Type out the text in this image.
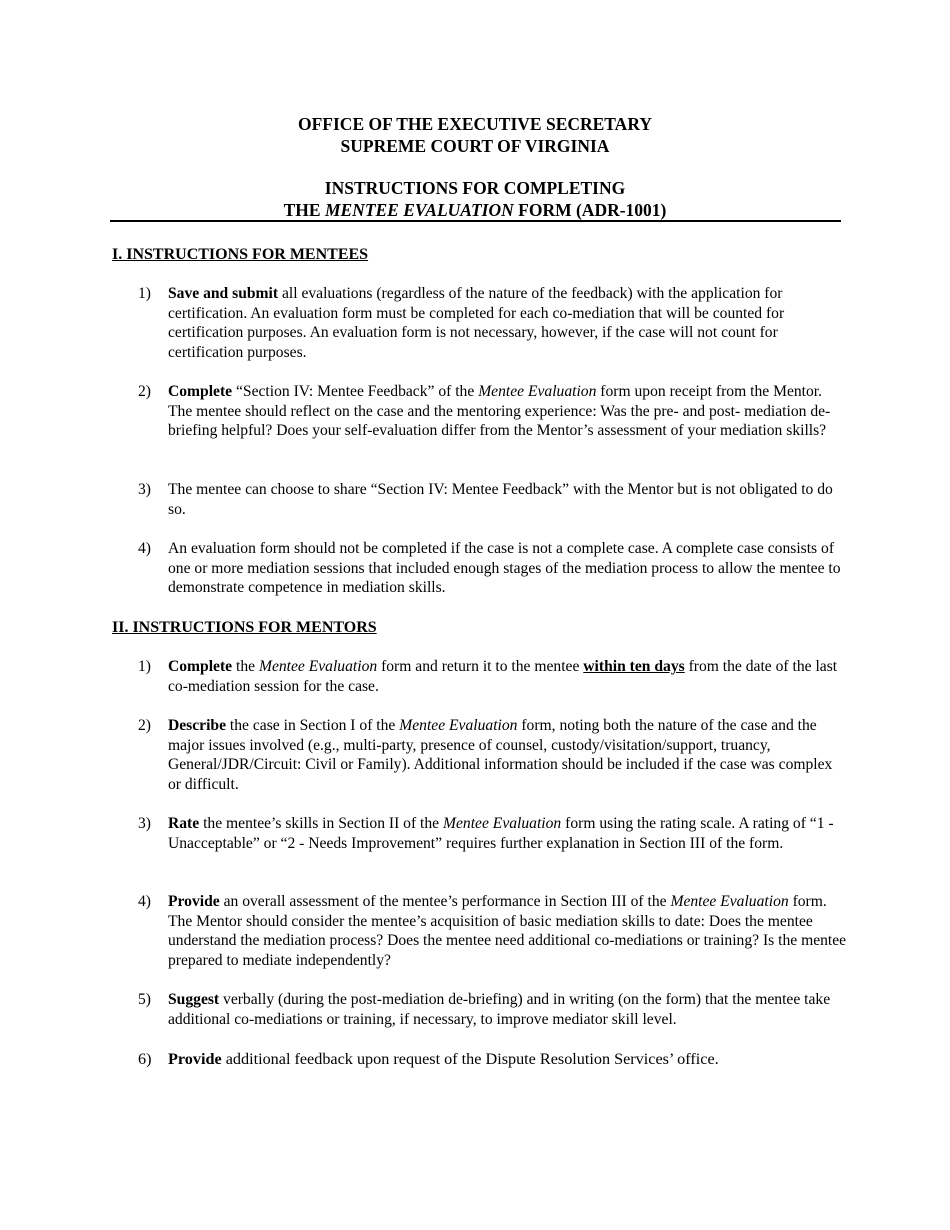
OFFICE OF THE EXECUTIVE SECRETARY
SUPREME COURT OF VIRGINIA
INSTRUCTIONS FOR COMPLETING
THE MENTEE EVALUATION FORM (ADR-1001)
I. INSTRUCTIONS FOR MENTEES
1) Save and submit all evaluations (regardless of the nature of the feedback) with the application for certification. An evaluation form must be completed for each co-mediation that will be counted for certification purposes. An evaluation form is not necessary, however, if the case will not count for certification purposes.
2) Complete “Section IV: Mentee Feedback” of the Mentee Evaluation form upon receipt from the Mentor. The mentee should reflect on the case and the mentoring experience: Was the pre- and post- mediation de-briefing helpful? Does your self-evaluation differ from the Mentor’s assessment of your mediation skills?
3) The mentee can choose to share “Section IV: Mentee Feedback” with the Mentor but is not obligated to do so.
4) An evaluation form should not be completed if the case is not a complete case. A complete case consists of one or more mediation sessions that included enough stages of the mediation process to allow the mentee to demonstrate competence in mediation skills.
II. INSTRUCTIONS FOR MENTORS
1) Complete the Mentee Evaluation form and return it to the mentee within ten days from the date of the last co-mediation session for the case.
2) Describe the case in Section I of the Mentee Evaluation form, noting both the nature of the case and the major issues involved (e.g., multi-party, presence of counsel, custody/visitation/support, truancy, General/JDR/Circuit: Civil or Family). Additional information should be included if the case was complex or difficult.
3) Rate the mentee’s skills in Section II of the Mentee Evaluation form using the rating scale. A rating of “1 - Unacceptable” or “2 - Needs Improvement” requires further explanation in Section III of the form.
4) Provide an overall assessment of the mentee’s performance in Section III of the Mentee Evaluation form. The Mentor should consider the mentee’s acquisition of basic mediation skills to date: Does the mentee understand the mediation process? Does the mentee need additional co-mediations or training? Is the mentee prepared to mediate independently?
5) Suggest verbally (during the post-mediation de-briefing) and in writing (on the form) that the mentee take additional co-mediations or training, if necessary, to improve mediator skill level.
6) Provide additional feedback upon request of the Dispute Resolution Services’ office.
